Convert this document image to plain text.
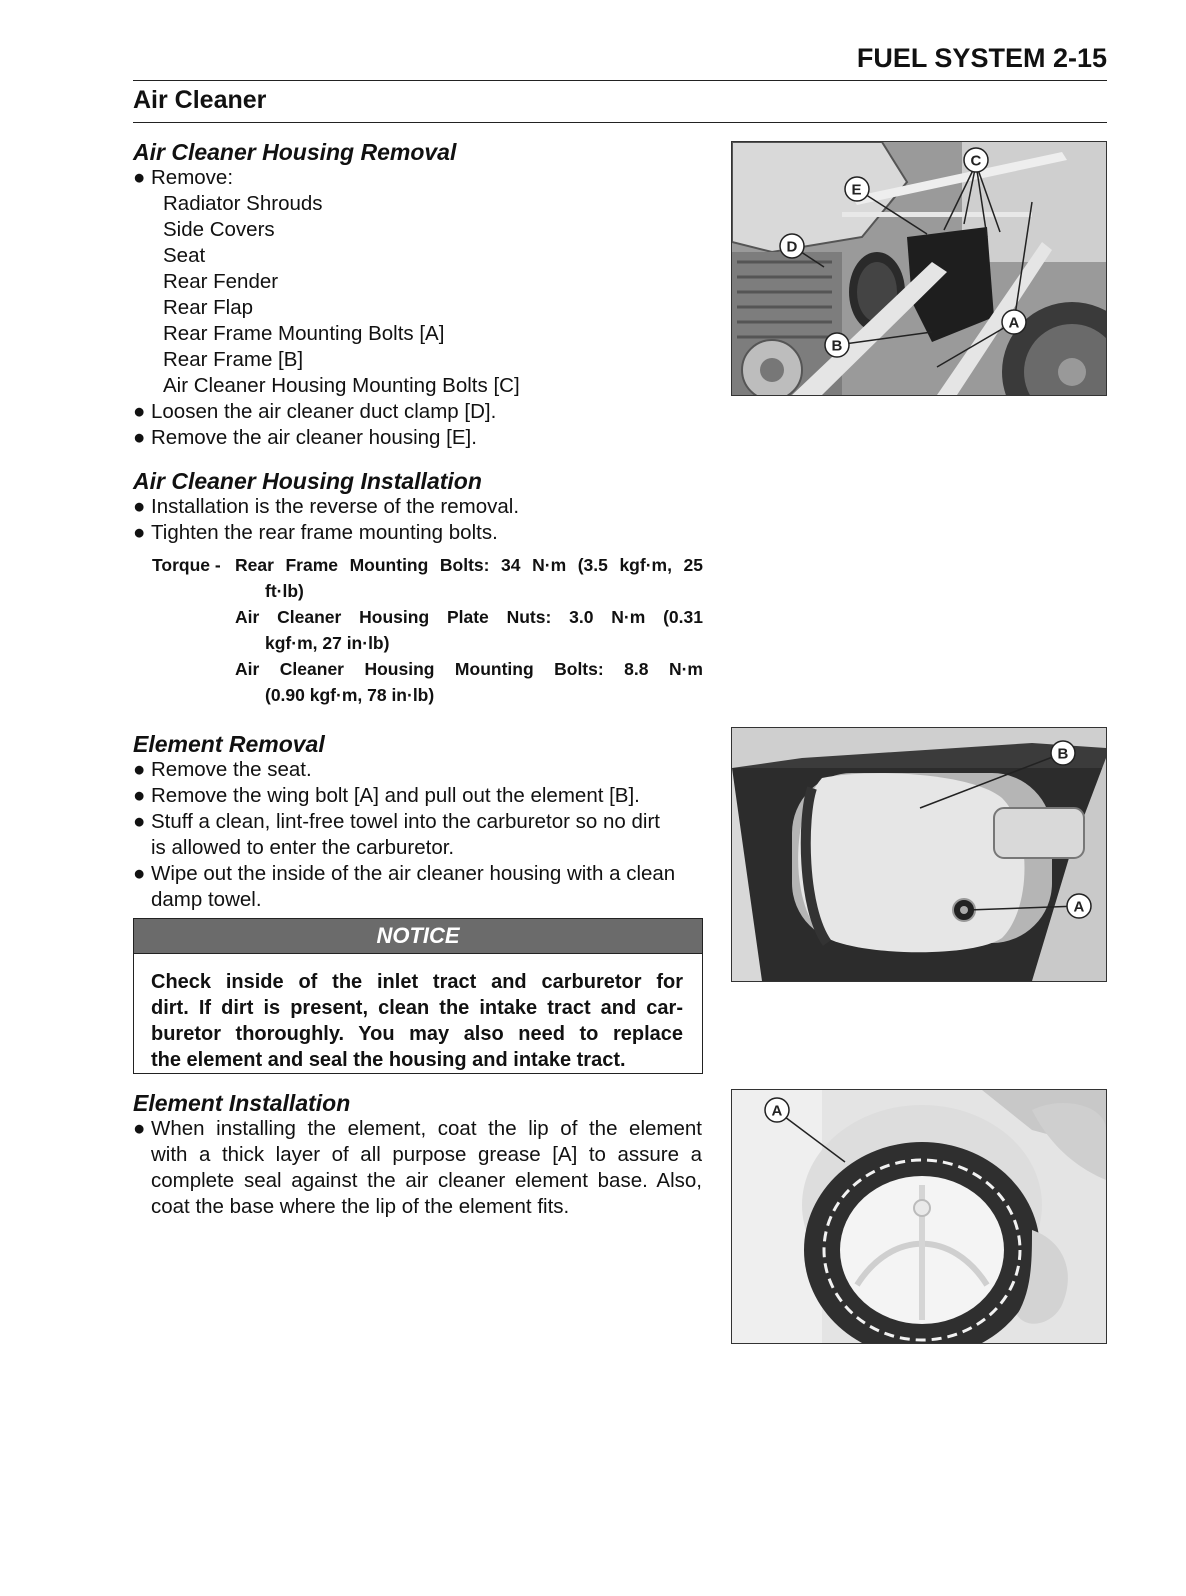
FUEL SYSTEM 2-15
Air Cleaner
Air Cleaner Housing Removal
● Remove:
Radiator Shrouds
Side Covers
Seat
Rear Fender
Rear Flap
Rear Frame Mounting Bolts [A]
Rear Frame [B]
Air Cleaner Housing Mounting Bolts [C]
● Loosen the air cleaner duct clamp [D].
● Remove the air cleaner housing [E].
Air Cleaner Housing Installation
● Installation is the reverse of the removal.
● Tighten the rear frame mounting bolts.
Torque - Rear Frame Mounting Bolts: 34 N·m (3.5 kgf·m, 25
ft·lb)
Air Cleaner Housing Plate Nuts: 3.0 N·m (0.31
kgf·m, 27 in·lb)
Air Cleaner Housing Mounting Bolts: 8.8 N·m
(0.90 kgf·m, 78 in·lb)
Element Removal
● Remove the seat.
● Remove the wing bolt [A] and pull out the element [B].
● Stuff a clean, lint-free towel into the carburetor so no dirt
is allowed to enter the carburetor.
● Wipe out the inside of the air cleaner housing with a clean
damp towel.
NOTICE
Check inside of the inlet tract and carburetor for
dirt. If dirt is present, clean the intake tract and car-
buretor thoroughly. You may also need to replace
the element and seal the housing and intake tract.
Element Installation
● When installing the element, coat the lip of the element
with a thick layer of all purpose grease [A] to assure a
complete seal against the air cleaner element base. Also,
coat the base where the lip of the element fits.
C
E
D
B
A
B
A
A
